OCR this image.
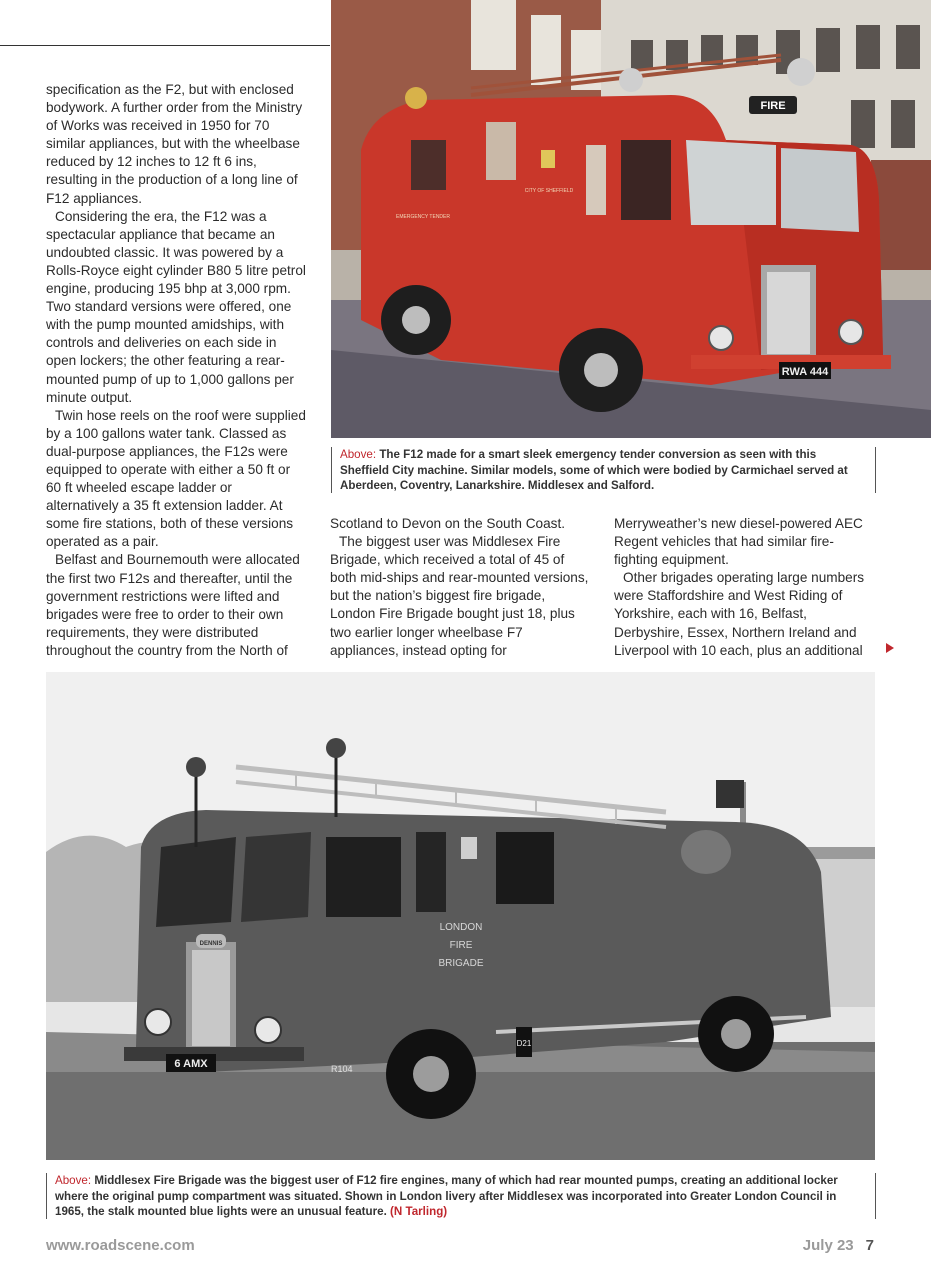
specification as the F2, but with enclosed bodywork. A further order from the Ministry of Works was received in 1950 for 70 similar appliances, but with the wheelbase reduced by 12 inches to 12 ft 6 ins, resulting in the production of a long line of F12 appliances.

Considering the era, the F12 was a spectacular appliance that became an undoubted classic. It was powered by a Rolls-Royce eight cylinder B80 5 litre petrol engine, producing 195 bhp at 3,000 rpm. Two standard versions were offered, one with the pump mounted amidships, with controls and deliveries on each side in open lockers; the other featuring a rear-mounted pump of up to 1,000 gallons per minute output.

Twin hose reels on the roof were supplied by a 100 gallons water tank. Classed as dual-purpose appliances, the F12s were equipped to operate with either a 50 ft or 60 ft wheeled escape ladder or alternatively a 35 ft extension ladder. At some fire stations, both of these versions operated as a pair.

Belfast and Bournemouth were allocated the first two F12s and thereafter, until the government restrictions were lifted and brigades were free to order to their own requirements, they were distributed throughout the country from the North of

Scotland to Devon on the South Coast.

The biggest user was Middlesex Fire Brigade, which received a total of 45 of both mid-ships and rear-mounted versions, but the nation’s biggest fire brigade, London Fire Brigade bought just 18, plus two earlier longer wheelbase F7 appliances, instead opting for

Merryweather’s new diesel-powered AEC Regent vehicles that had similar fire-fighting equipment.

Other brigades operating large numbers were Staffordshire and West Riding of Yorkshire, each with 16, Belfast, Derbyshire, Essex, Northern Ireland and Liverpool with 10 each, plus an additional

RWA 444
FIRE
CITY OF SHEFFIELD
EMERGENCY TENDER
Above: The F12 made for a smart sleek emergency tender conversion as seen with this Sheffield City machine. Similar models, some of which were bodied by Carmichael served at Aberdeen, Coventry, Lanarkshire. Middlesex and Salford.
DENNIS
6 AMX
LONDON
FIRE
BRIGADE
R104
D21
Above: Middlesex Fire Brigade was the biggest user of F12 fire engines, many of which had rear mounted pumps, creating an additional locker where the original pump compartment was situated. Shown in London livery after Middlesex was incorporated into Greater London Council in 1965, the stalk mounted blue lights were an unusual feature. (N Tarling)
www.roadscene.com	July 23 7
